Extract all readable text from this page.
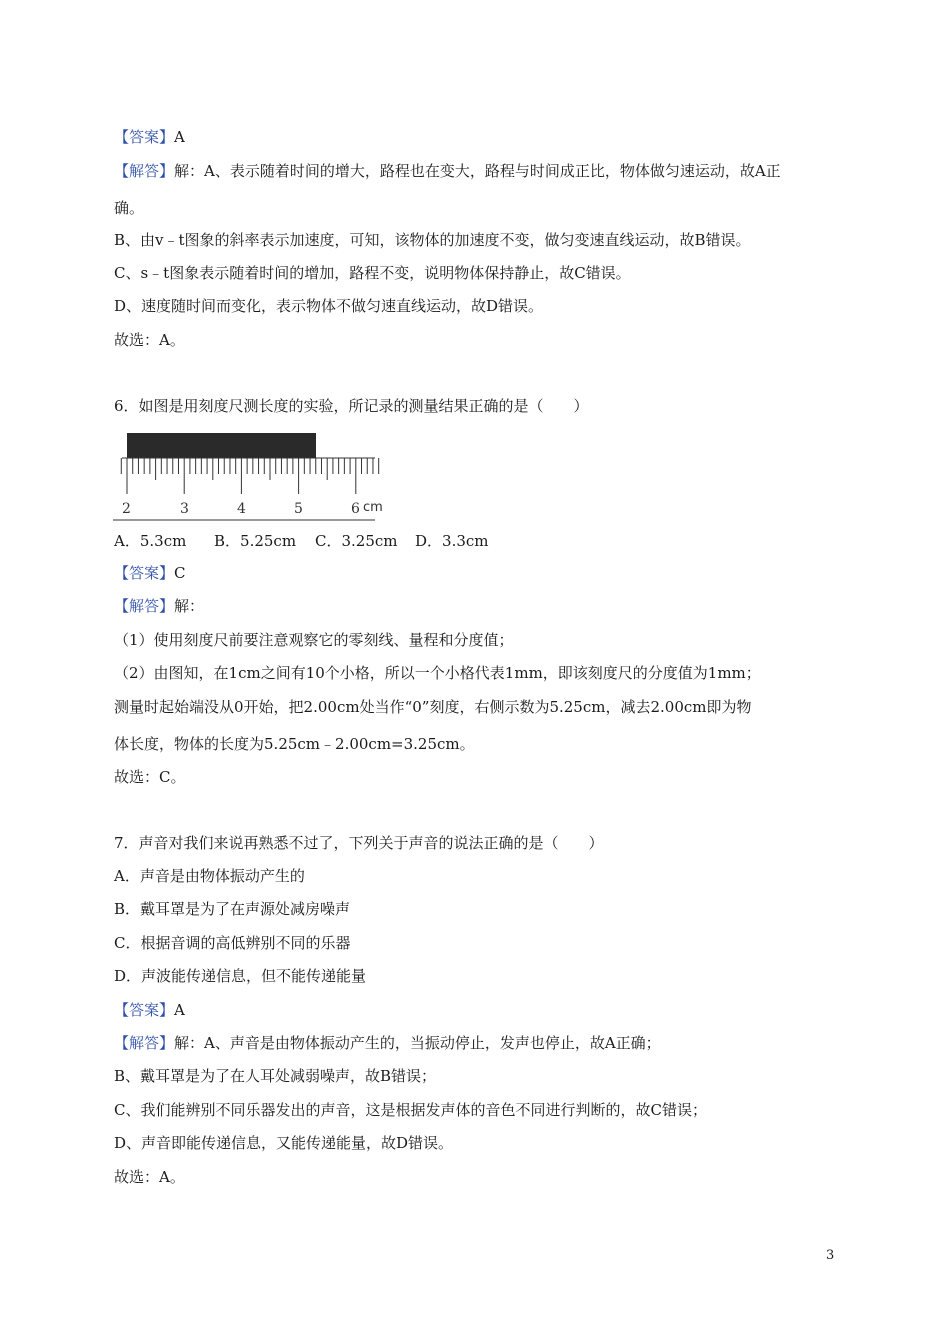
【答案】A

【解答】解：A、表示随着时间的增大，路程也在变大，路程与时间成正比，物体做匀速运动，故A正

确。

B、由v﹣t图象的斜率表示加速度，可知，该物体的加速度不变，做匀变速直线运动，故B错误。

C、s﹣t图象表示随着时间的增加，路程不变，说明物体保持静止，故C错误。

D、速度随时间而变化，表示物体不做匀速直线运动，故D错误。

故选：A。

6．如图是用刻度尺测长度的实验，所记录的测量结果正确的是（　　）

2	3	4	5	6 cm

A．5.3cm B．5.25cm C．3.25cm D．3.3cm

【答案】C

【解答】解：

（1）使用刻度尺前要注意观察它的零刻线、量程和分度值；

（2）由图知，在1cm之间有10个小格，所以一个小格代表1mm，即该刻度尺的分度值为1mm；

测量时起始端没从0开始，把2.00cm处当作“0”刻度，右侧示数为5.25cm，减去2.00cm即为物

体长度，物体的长度为5.25cm﹣2.00cm=3.25cm。

故选：C。

7．声音对我们来说再熟悉不过了，下列关于声音的说法正确的是（　　）

A．声音是由物体振动产生的

B．戴耳罩是为了在声源处减房噪声

C．根据音调的高低辨别不同的乐器

D．声波能传递信息，但不能传递能量

【答案】A

【解答】解：A、声音是由物体振动产生的，当振动停止，发声也停止，故A正确；

B、戴耳罩是为了在人耳处减弱噪声，故B错误；

C、我们能辨别不同乐器发出的声音，这是根据发声体的音色不同进行判断的，故C错误；

D、声音即能传递信息，又能传递能量，故D错误。

故选：A。

3
